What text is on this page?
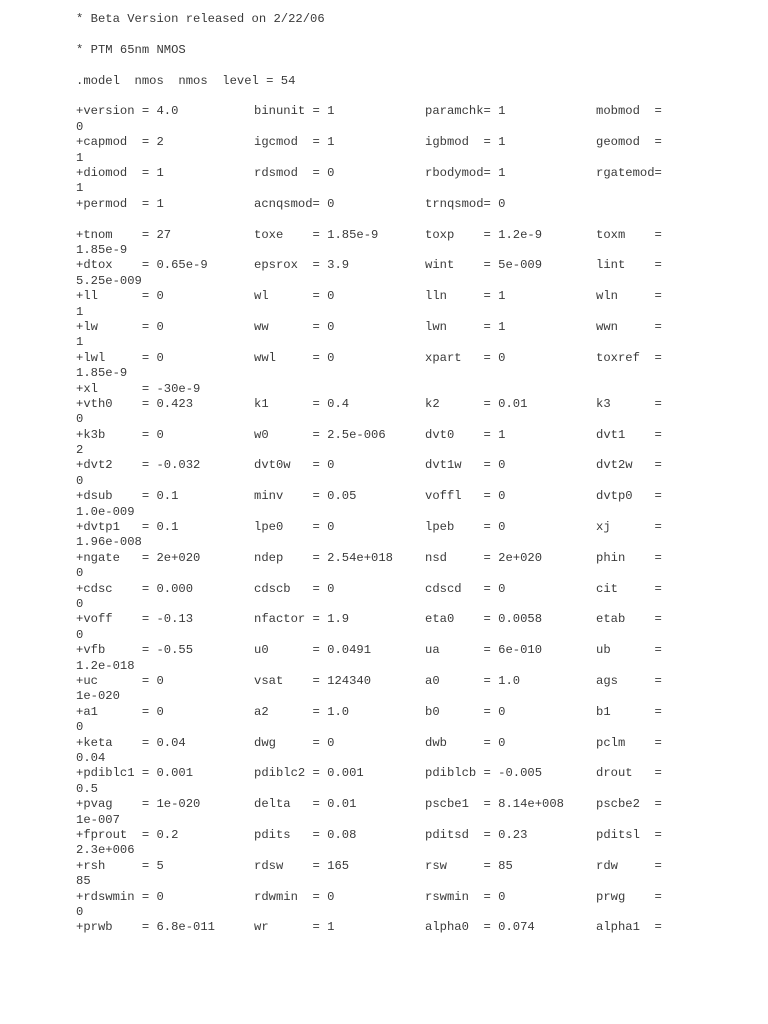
* Beta Version released on 2/22/06
* PTM 65nm NMOS
.model  nmos  nmos  level = 54
+version = 4.0	binunit = 1	paramchk= 1	mobmod  =
0
+capmod  = 2	igcmod  = 1	igbmod  = 1	geomod  =
1
+diomod  = 1	rdsmod  = 0	rbodymod= 1	rgatemod=
1
+permod  = 1	acnqsmod= 0	trnqsmod= 0
+tnom    = 27	toxe    = 1.85e-9	toxp    = 1.2e-9	toxm    =
1.85e-9
+dtox    = 0.65e-9	epsrox  = 3.9	wint    = 5e-009	lint    =
5.25e-009
+ll      = 0	wl      = 0	lln     = 1	wln     =
1
+lw      = 0	ww      = 0	lwn     = 1	wwn     =
1
+lwl     = 0	wwl     = 0	xpart   = 0	toxref  =
1.85e-9
+xl      = -30e-9
+vth0    = 0.423	k1      = 0.4	k2      = 0.01	k3      =
0
+k3b     = 0	w0      = 2.5e-006	dvt0    = 1	dvt1    =
2
+dvt2    = -0.032	dvt0w   = 0	dvt1w   = 0	dvt2w   =
0
+dsub    = 0.1	minv    = 0.05	voffl   = 0	dvtp0   =
1.0e-009
+dvtp1   = 0.1	lpe0    = 0	lpeb    = 0	xj      =
1.96e-008
+ngate   = 2e+020	ndep    = 2.54e+018	nsd     = 2e+020	phin    =
0
+cdsc    = 0.000	cdscb   = 0	cdscd   = 0	cit     =
0
+voff    = -0.13	nfactor = 1.9	eta0    = 0.0058	etab    =
0
+vfb     = -0.55	u0      = 0.0491	ua      = 6e-010	ub      =
1.2e-018
+uc      = 0	vsat    = 124340	a0      = 1.0	ags     =
1e-020
+a1      = 0	a2      = 1.0	b0      = 0	b1      =
0
+keta    = 0.04	dwg     = 0	dwb     = 0	pclm    =
0.04
+pdiblc1 = 0.001	pdiblc2 = 0.001	pdiblcb = -0.005	drout   =
0.5
+pvag    = 1e-020	delta   = 0.01	pscbe1  = 8.14e+008	pscbe2  =
1e-007
+fprout  = 0.2	pdits   = 0.08	pditsd  = 0.23	pditsl  =
2.3e+006
+rsh     = 5	rdsw    = 165	rsw     = 85	rdw     =
85
+rdswmin = 0	rdwmin  = 0	rswmin  = 0	prwg    =
0
+prwb    = 6.8e-011	wr      = 1	alpha0  = 0.074	alpha1  =
